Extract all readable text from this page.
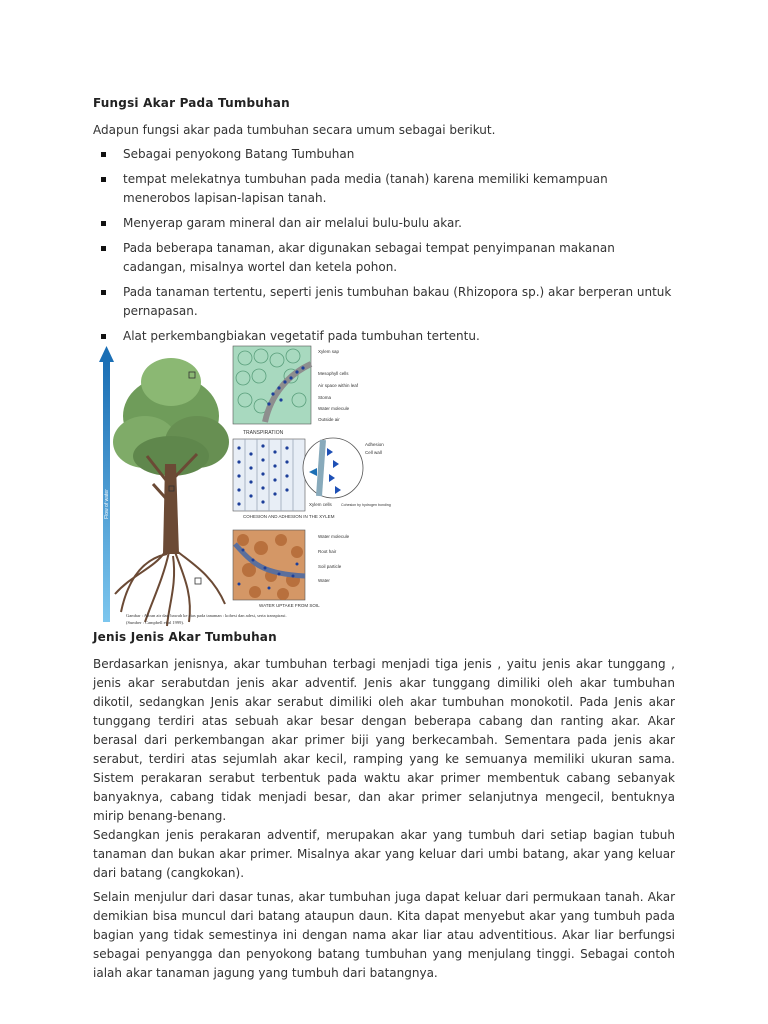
Fungsi Akar Pada Tumbuhan
Adapun fungsi akar pada tumbuhan secara umum sebagai berikut.
Sebagai penyokong Batang Tumbuhan
tempat melekatnya tumbuhan pada media (tanah) karena memiliki kemampuan menerobos lapisan-lapisan tanah.
Menyerap garam mineral dan air melalui bulu-bulu akar.
Pada beberapa tanaman, akar digunakan sebagai tempat penyimpanan makanan cadangan, misalnya wortel dan ketela pohon.
Pada tanaman tertentu, seperti jenis tumbuhan bakau (Rhizopora sp.) akar berperan untuk pernapasan.
Alat perkembangbiakan vegetatif pada tumbuhan tertentu.
Flow of water
TRANSPIRATION
COHESION AND ADHESION IN THE XYLEM
WATER UPTAKE FROM SOIL
Xylem sap
Mesophyll cells
Air space within leaf
Stoma
Water molecule
Outside air
Adhesion
Cell wall
Xylem cells	Cohesion by hydrogen bonding
Water molecule
Root hair
Soil particle
Water
Gambar : Aliran air dari bawah ke atas pada tanaman : kohesi dan adesi, serta transpirasi.
(Sumber : Campbell et al 1999).
Jenis Jenis Akar Tumbuhan
Berdasarkan jenisnya, akar tumbuhan terbagi menjadi tiga jenis , yaitu jenis akar tunggang , jenis akar serabutdan jenis akar adventif. Jenis akar tunggang dimiliki oleh akar tumbuhan dikotil, sedangkan Jenis akar serabut dimiliki oleh akar tumbuhan monokotil. Pada Jenis akar tunggang terdiri atas sebuah akar besar dengan beberapa cabang dan ranting akar. Akar berasal dari perkembangan akar primer biji yang berkecambah. Sementara pada jenis akar serabut, terdiri atas sejumlah akar kecil, ramping yang ke semuanya memiliki ukuran sama. Sistem perakaran serabut terbentuk pada waktu akar primer membentuk cabang sebanyak banyaknya, cabang tidak menjadi besar, dan akar primer selanjutnya mengecil, bentuknya mirip benang-benang.
Sedangkan jenis perakaran adventif, merupakan akar yang tumbuh dari setiap bagian tubuh tanaman dan bukan akar primer. Misalnya akar yang keluar dari umbi batang, akar yang keluar dari batang (cangkokan).
Selain menjulur dari dasar tunas, akar tumbuhan juga dapat keluar dari permukaan tanah. Akar demikian bisa muncul dari batang ataupun daun. Kita dapat menyebut akar yang tumbuh pada bagian yang tidak semestinya ini dengan nama akar liar atau adventitious. Akar liar berfungsi sebagai penyangga dan penyokong batang tumbuhan yang menjulang tinggi. Sebagai contoh ialah akar tanaman jagung yang tumbuh dari batangnya.
